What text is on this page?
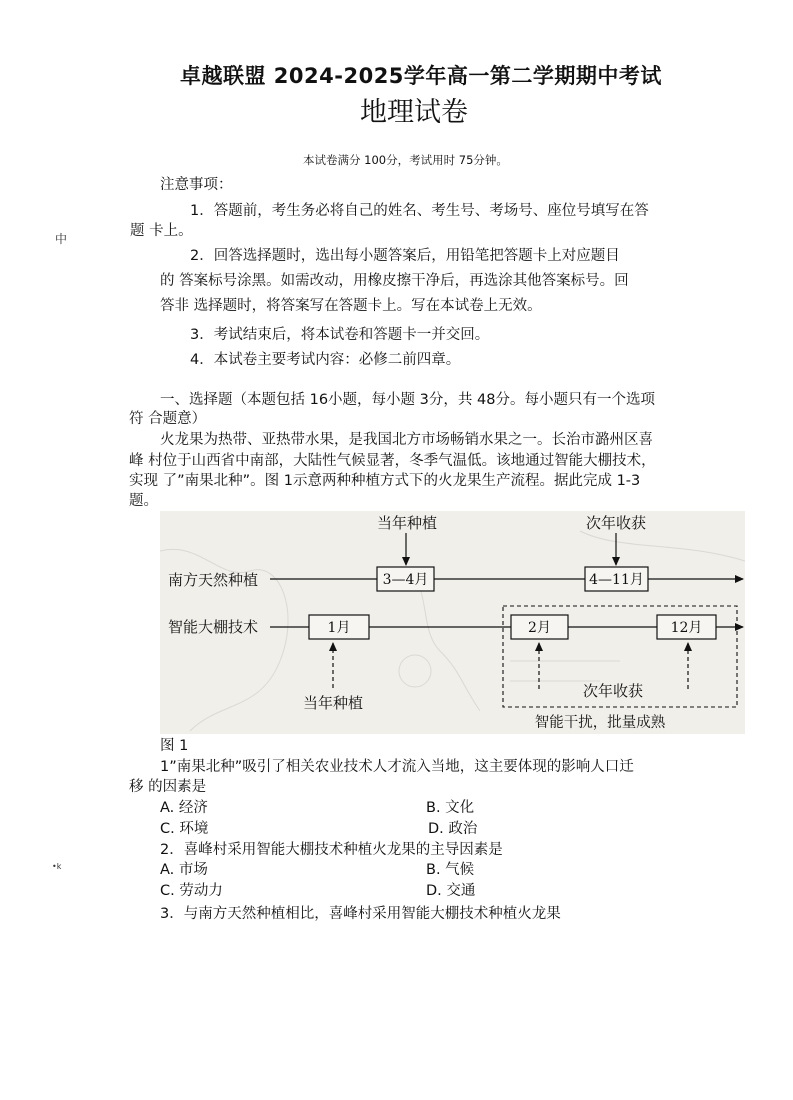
卓越联盟 2024-2025学年高一第二学期期中考试
地理试卷
本试卷满分 100分，考试用时 75分钟。
中
•k
注意事项：
1．答题前，考生务必将自己的姓名、考生号、考场号、座位号填写在答
题 卡上。
2．回答选择题时，选出每小题答案后，用铅笔把答题卡上对应题目
的 答案标号涂黑。如需改动，用橡皮擦干净后，再选涂其他答案标号。回
答非 选择题时，将答案写在答题卡上。写在本试卷上无效。
3．考试结束后，将本试卷和答题卡一并交回。
4．本试卷主要考试内容：必修二前四章。
一、选择题（本题包括 16小题，每小题 3分，共 48分。每小题只有一个选项
符 合题意）
火龙果为热带、亚热带水果，是我国北方市场畅销水果之一。长治市潞州区喜
峰 村位于山西省中南部，大陆性气候显著，冬季气温低。该地通过智能大棚技术，
实现 了”南果北种”。图 1示意两种种植方式下的火龙果生产流程。据此完成 1-3
题。
南方天然种植	3—4月	4—11月
当年种植	次年收获
智能大棚技术	1月	2月	12月
当年种植
次年收获
智能干扰，批量成熟
图 1
1”南果北种”吸引了相关农业技术人才流入当地，这主要体现的影响人口迁
移 的因素是
A. 经济	B. 文化
C. 环境	D. 政治
2．喜峰村采用智能大棚技术种植火龙果的主导因素是
A. 市场	B. 气候
C. 劳动力	D. 交通
3．与南方天然种植相比，喜峰村采用智能大棚技术种植火龙果
